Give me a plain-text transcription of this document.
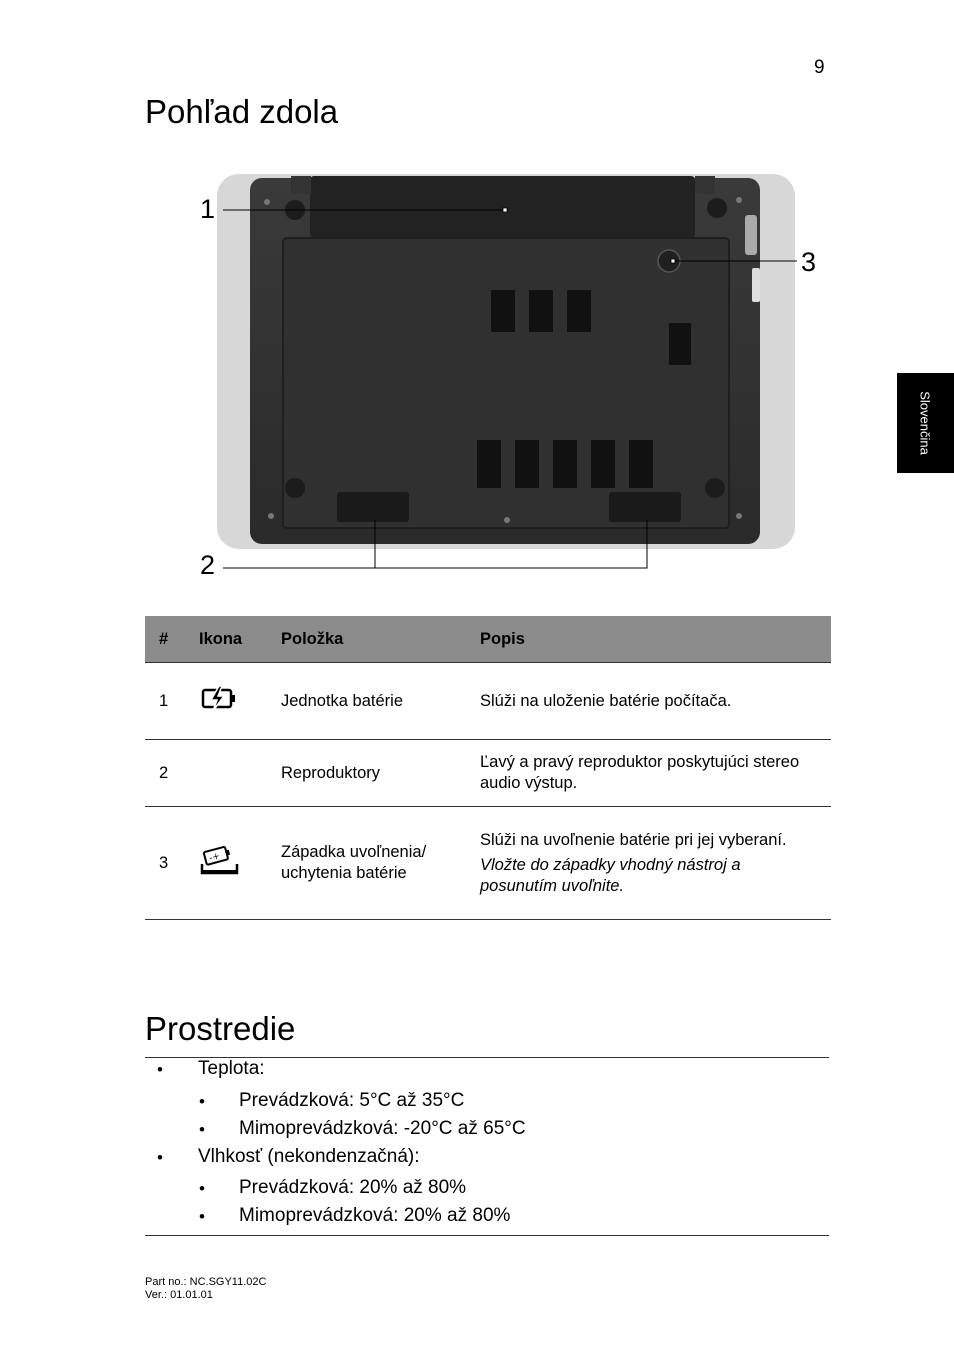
9
Slovenčina
Pohľad zdola
1
2
3
#	Ikona	Položka	Popis
1		Jednotka batérie	Slúži na uloženie batérie počítača.
2		Reproduktory	Ľavý a pravý reproduktor poskytujúci stereo audio výstup.
3	-+	Západka uvoľnenia/ uchytenia batérie	Slúži na uvoľnenie batérie pri jej vyberaní.
Vložte do západky vhodný nástroj a posunutím uvoľnite.
Prostredie
• Teplota:
• Prevádzková: 5°C až 35°C
• Mimoprevádzková: -20°C až 65°C
• Vlhkosť (nekondenzačná):
• Prevádzková: 20% až 80%
• Mimoprevádzková: 20% až 80%
Part no.: NC.SGY11.02C
Ver.: 01.01.01
